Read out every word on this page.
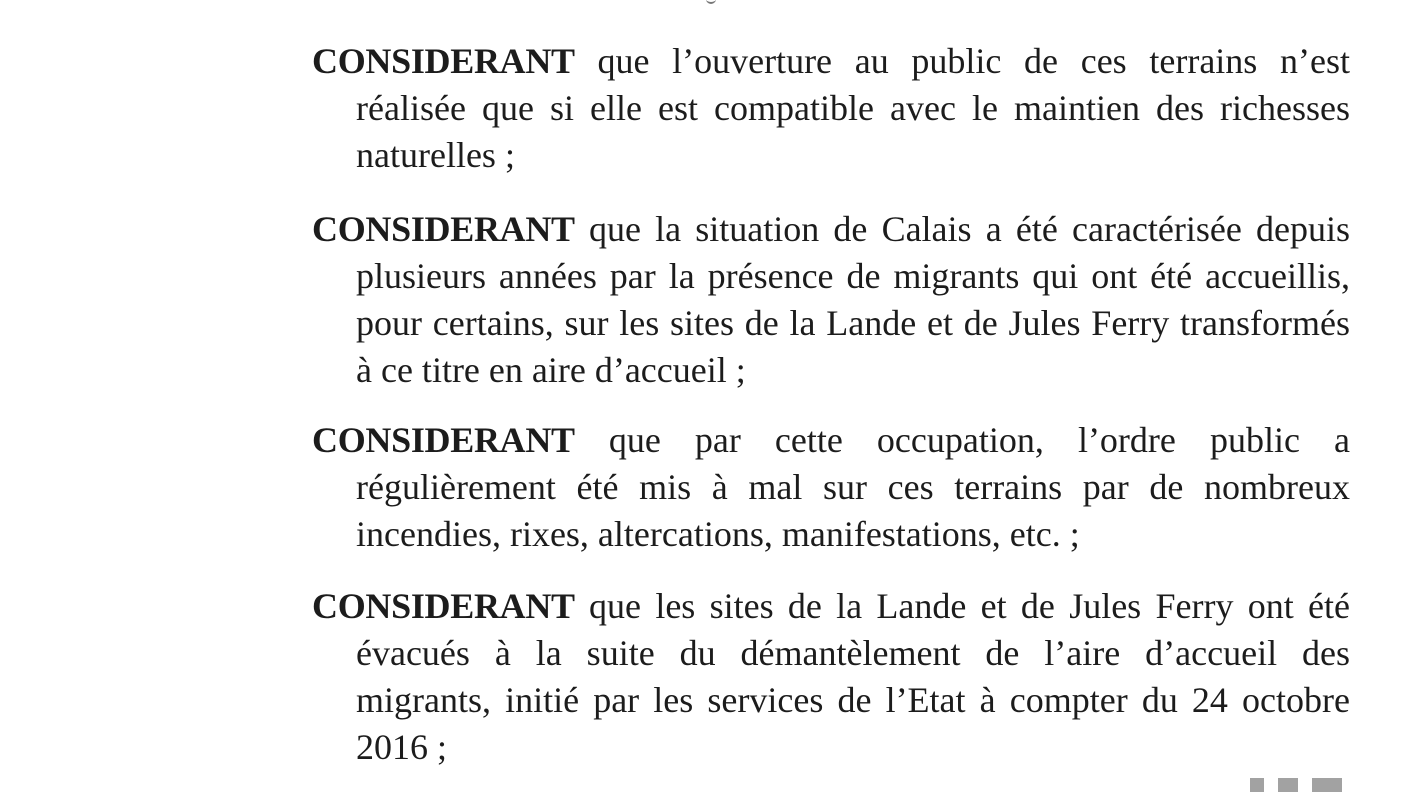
CONSIDERANT que l’ouverture au public de ces terrains n’est réalisée que si elle est compatible avec le maintien des richesses naturelles ;

CONSIDERANT que la situation de Calais a été caractérisée depuis plusieurs années par la présence de migrants qui ont été accueillis, pour certains, sur les sites de la Lande et de Jules Ferry transformés à ce titre en aire d’accueil ;

CONSIDERANT que par cette occupation, l’ordre public a régulièrement été mis à mal sur ces terrains par de nombreux incendies, rixes, altercations, manifestations, etc. ;

CONSIDERANT que les sites de la Lande et de Jules Ferry ont été évacués à la suite du démantèlement de l’aire d’accueil des migrants, initié par les services de l’Etat à compter du 24 octobre 2016 ;
